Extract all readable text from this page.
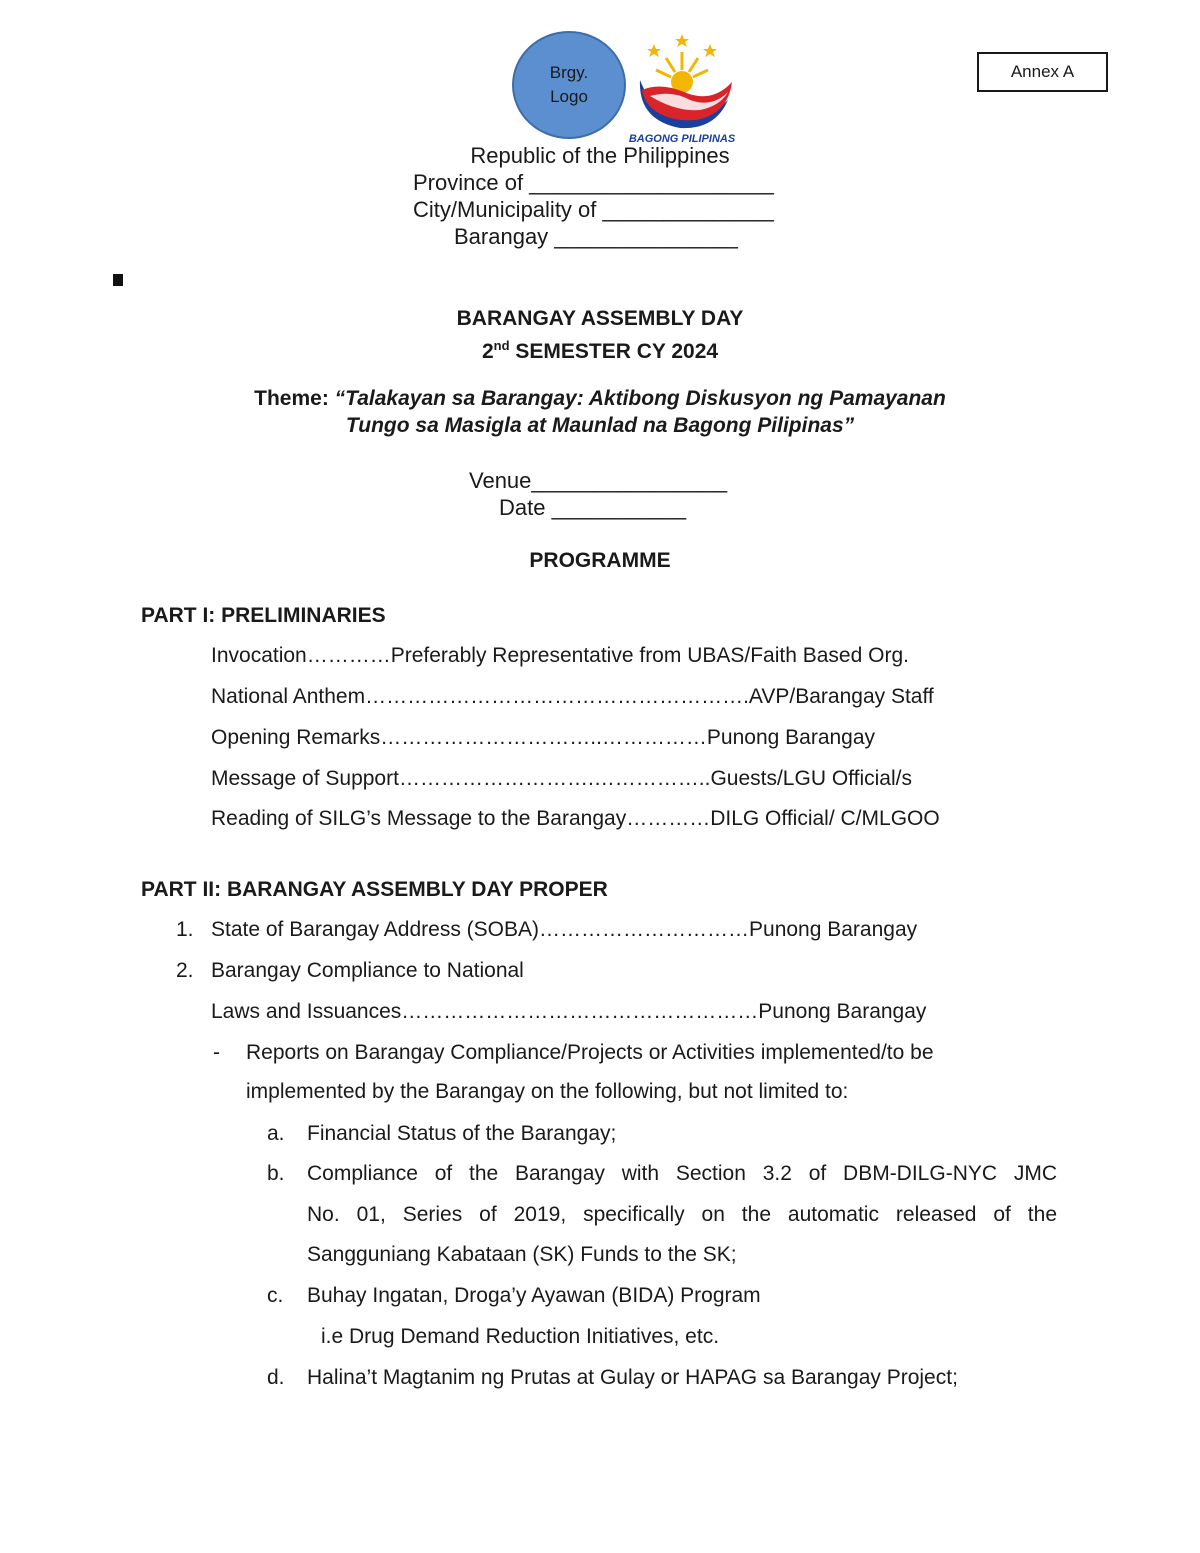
Annex A
Brgy. Logo
BAGONG PILIPINAS
Republic of the Philippines
Province of ____________________
City/Municipality of ______________
Barangay _______________
BARANGAY ASSEMBLY DAY
2nd SEMESTER CY 2024
Theme: “Talakayan sa Barangay: Aktibong Diskusyon ng Pamayanan
Tungo sa Masigla at Maunlad na Bagong Pilipinas”
Venue________________
Date ___________
PROGRAMME
PART I: PRELIMINARIES
Invocation…………Preferably Representative from UBAS/Faith Based Org.
National Anthem……………………………………………….AVP/Barangay Staff
Opening Remarks…………………………..……………Punong Barangay
Message of Support……………………….……………..Guests/LGU Official/s
Reading of SILG’s Message to the Barangay…………DILG Official/ C/MLGOO
PART II: BARANGAY ASSEMBLY DAY PROPER
1. State of Barangay Address (SOBA)…………………………Punong Barangay
2. Barangay Compliance to National
Laws and Issuances……………………………………………Punong Barangay
- Reports on Barangay Compliance/Projects or Activities implemented/to be
implemented by the Barangay on the following, but not limited to:
a. Financial Status of the Barangay;
b. Compliance of the Barangay with Section 3.2 of DBM-DILG-NYC JMC
No. 01, Series of 2019, specifically on the automatic released of the
Sangguniang Kabataan (SK) Funds to the SK;
c. Buhay Ingatan, Droga’y Ayawan (BIDA) Program
i.e Drug Demand Reduction Initiatives, etc.
d. Halina’t Magtanim ng Prutas at Gulay or HAPAG sa Barangay Project;
